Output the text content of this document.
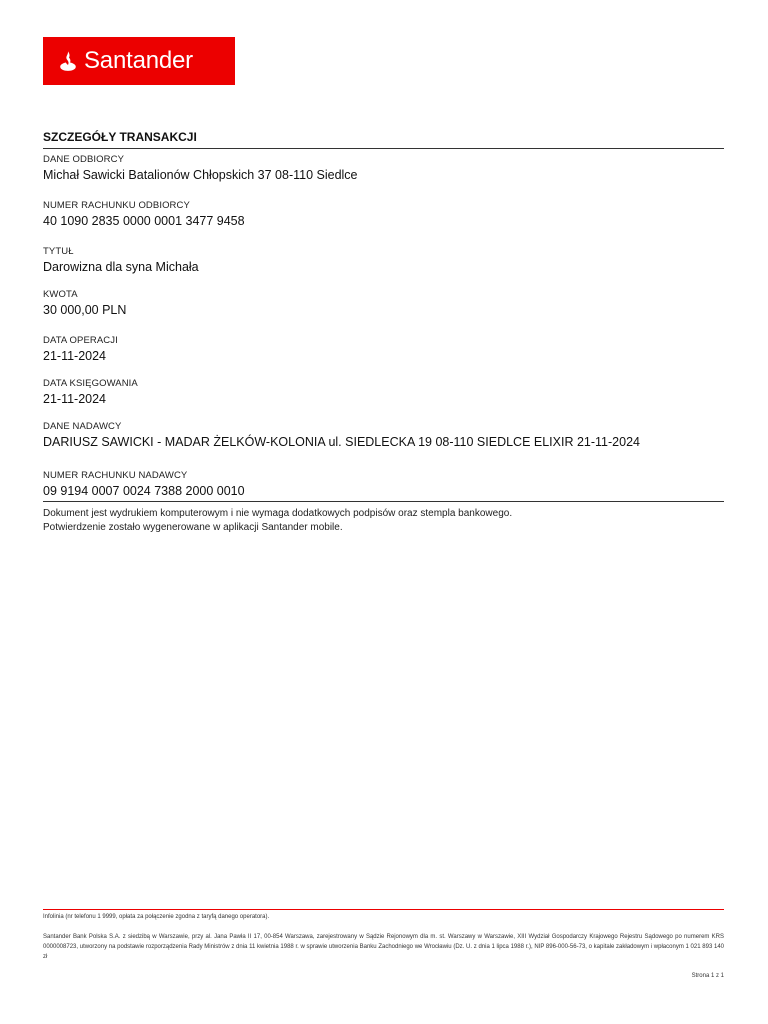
Santander
SZCZEGÓŁY TRANSAKCJI
DANE ODBIORCY
Michał Sawicki Batalionów Chłopskich 37 08-110 Siedlce
NUMER RACHUNKU ODBIORCY
40 1090 2835 0000 0001 3477 9458
TYTUŁ
Darowizna dla syna Michała
KWOTA
30 000,00 PLN
DATA OPERACJI
21-11-2024
DATA KSIĘGOWANIA
21-11-2024
DANE NADAWCY
DARIUSZ SAWICKI - MADAR ŻELKÓW-KOLONIA ul. SIEDLECKA 19 08-110 SIEDLCE ELIXIR 21-11-2024
NUMER RACHUNKU NADAWCY
09 9194 0007 0024 7388 2000 0010
Dokument jest wydrukiem komputerowym i nie wymaga dodatkowych podpisów oraz stempla bankowego.
Potwierdzenie zostało wygenerowane w aplikacji Santander mobile.
Infolinia (nr telefonu 1 9999, opłata za połączenie zgodna z taryfą danego operatora).
Santander Bank Polska S.A. z siedzibą w Warszawie, przy al. Jana Pawła II 17, 00-854 Warszawa, zarejestrowany w Sądzie Rejonowym dla m. st. Warszawy w Warszawie, XIII Wydział Gospodarczy Krajowego Rejestru Sądowego po numerem KRS 0000008723, utworzony na podstawie rozporządzenia Rady Ministrów z dnia 11 kwietnia 1988 r. w sprawie utworzenia Banku Zachodniego we Wrocławiu (Dz. U. z dnia 1 lipca 1988 r.), NIP 896-000-56-73, o kapitale zakładowym i wpłaconym 1 021 893 140 zł
Strona 1 z 1
